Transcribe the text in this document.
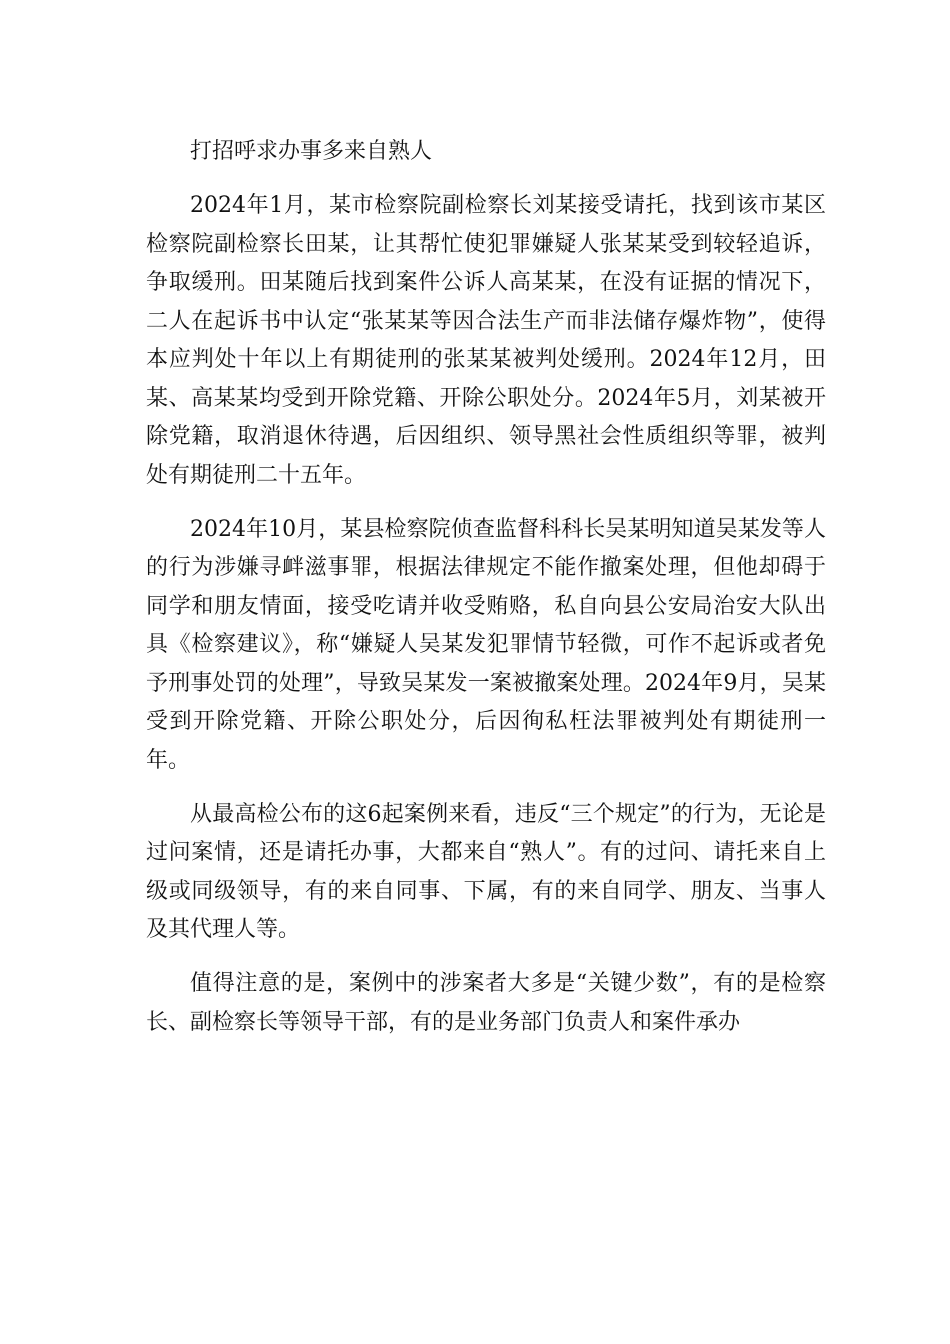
打招呼求办事多来自熟人

2024年1月，某市检察院副检察长刘某接受请托，找到该市某区检察院副检察长田某，让其帮忙使犯罪嫌疑人张某某受到较轻追诉，争取缓刑。田某随后找到案件公诉人高某某，在没有证据的情况下，二人在起诉书中认定“张某某等因合法生产而非法储存爆炸物”，使得本应判处十年以上有期徒刑的张某某被判处缓刑。2024年12月，田某、高某某均受到开除党籍、开除公职处分。2024年5月，刘某被开除党籍，取消退休待遇，后因组织、领导黑社会性质组织等罪，被判处有期徒刑二十五年。

2024年10月，某县检察院侦查监督科科长吴某明知道吴某发等人的行为涉嫌寻衅滋事罪，根据法律规定不能作撤案处理，但他却碍于同学和朋友情面，接受吃请并收受贿赂，私自向县公安局治安大队出具《检察建议》，称“嫌疑人吴某发犯罪情节轻微，可作不起诉或者免予刑事处罚的处理”，导致吴某发一案被撤案处理。2024年9月，吴某受到开除党籍、开除公职处分，后因徇私枉法罪被判处有期徒刑一年。

从最高检公布的这6起案例来看，违反“三个规定”的行为，无论是过问案情，还是请托办事，大都来自“熟人”。有的过问、请托来自上级或同级领导，有的来自同事、下属，有的来自同学、朋友、当事人及其代理人等。

值得注意的是，案例中的涉案者大多是“关键少数”，有的是检察长、副检察长等领导干部，有的是业务部门负责人和案件承办
